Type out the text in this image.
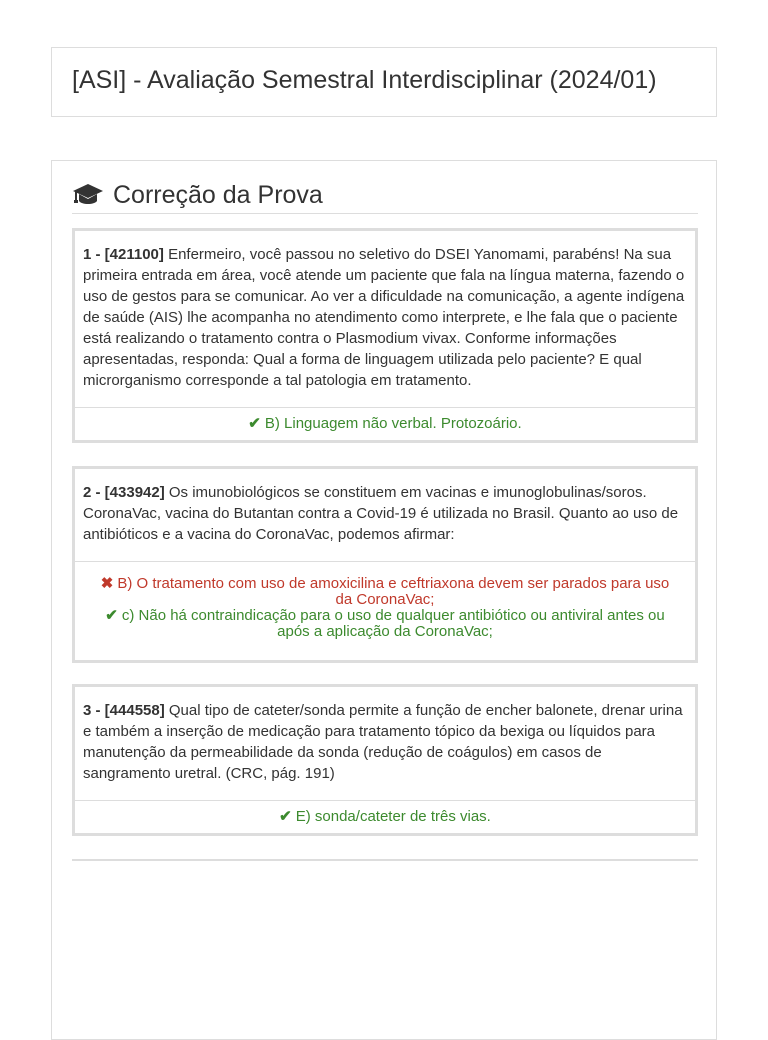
[ASI] - Avaliação Semestral Interdisciplinar (2024/01)
Correção da Prova
1 - [421100] Enfermeiro, você passou no seletivo do DSEI Yanomami, parabéns! Na sua primeira entrada em área, você atende um paciente que fala na língua materna, fazendo o uso de gestos para se comunicar. Ao ver a dificuldade na comunicação, a agente indígena de saúde (AIS) lhe acompanha no atendimento como interprete, e lhe fala que o paciente está realizando o tratamento contra o Plasmodium vivax. Conforme informações apresentadas, responda: Qual a forma de linguagem utilizada pelo paciente? E qual microrganismo corresponde a tal patologia em tratamento.

✔ B) Linguagem não verbal. Protozoário.

2 - [433942] Os imunobiológicos se constituem em vacinas e imunoglobulinas/soros. CoronaVac, vacina do Butantan contra a Covid-19 é utilizada no Brasil. Quanto ao uso de antibióticos e a vacina do CoronaVac, podemos afirmar:

✖ B) O tratamento com uso de amoxicilina e ceftriaxona devem ser parados para uso da CoronaVac;

✔ c) Não há contraindicação para o uso de qualquer antibiótico ou antiviral antes ou após a aplicação da CoronaVac;

3 - [444558] Qual tipo de cateter/sonda permite a função de encher balonete, drenar urina e também a inserção de medicação para tratamento tópico da bexiga ou líquidos para manutenção da permeabilidade da sonda (redução de coágulos) em casos de sangramento uretral. (CRC, pág. 191)

✔ E) sonda/cateter de três vias.
